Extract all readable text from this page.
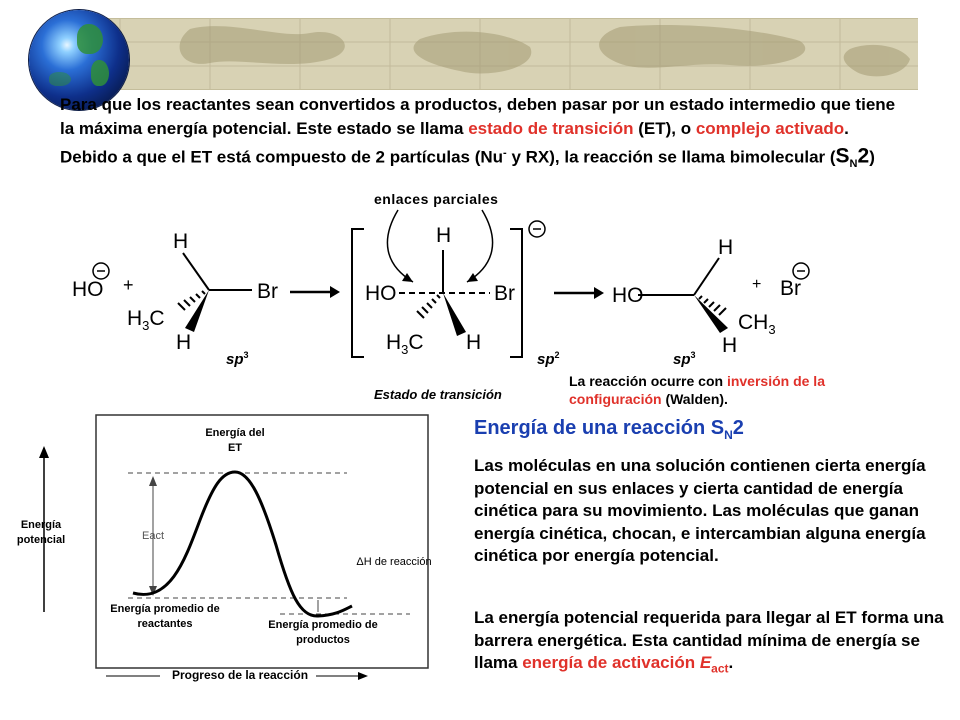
Para que los reactantes sean convertidos a productos, deben pasar por un estado intermedio que tiene la máxima energía potencial. Este estado se llama estado de transición (ET), o complejo activado. Debido a que el ET está compuesto de 2 partículas (Nu- y RX), la reacción se llama bimolecular $(S_N2)$
HO +
H
$H_3C$
H
Br
enlaces parciales
HO	Br
H
$H_3C$ H
HO
H
$CH_3$
H
+ Br
$sp^3$	$sp^2$	$sp^3$
Estado de transición
La reacción ocurre con inversión de la configuración (Walden).
Energía potencial
Energía del ET
Eact
ΔH de reacción
Energía promedio de reactantes	Energía promedio de productos
Progreso de la reacción
Energía de una reacción $S_N2$
Las moléculas en una solución contienen cierta energía potencial en sus enlaces y cierta cantidad de energía cinética para su movimiento. Las moléculas que ganan energía cinética, chocan, e intercambian alguna energía cinética por energía potencial.
La energía potencial requerida para llegar al ET forma una barrera energética. Esta cantidad mínima de energía se llama energía de activación $E_{act}$.
